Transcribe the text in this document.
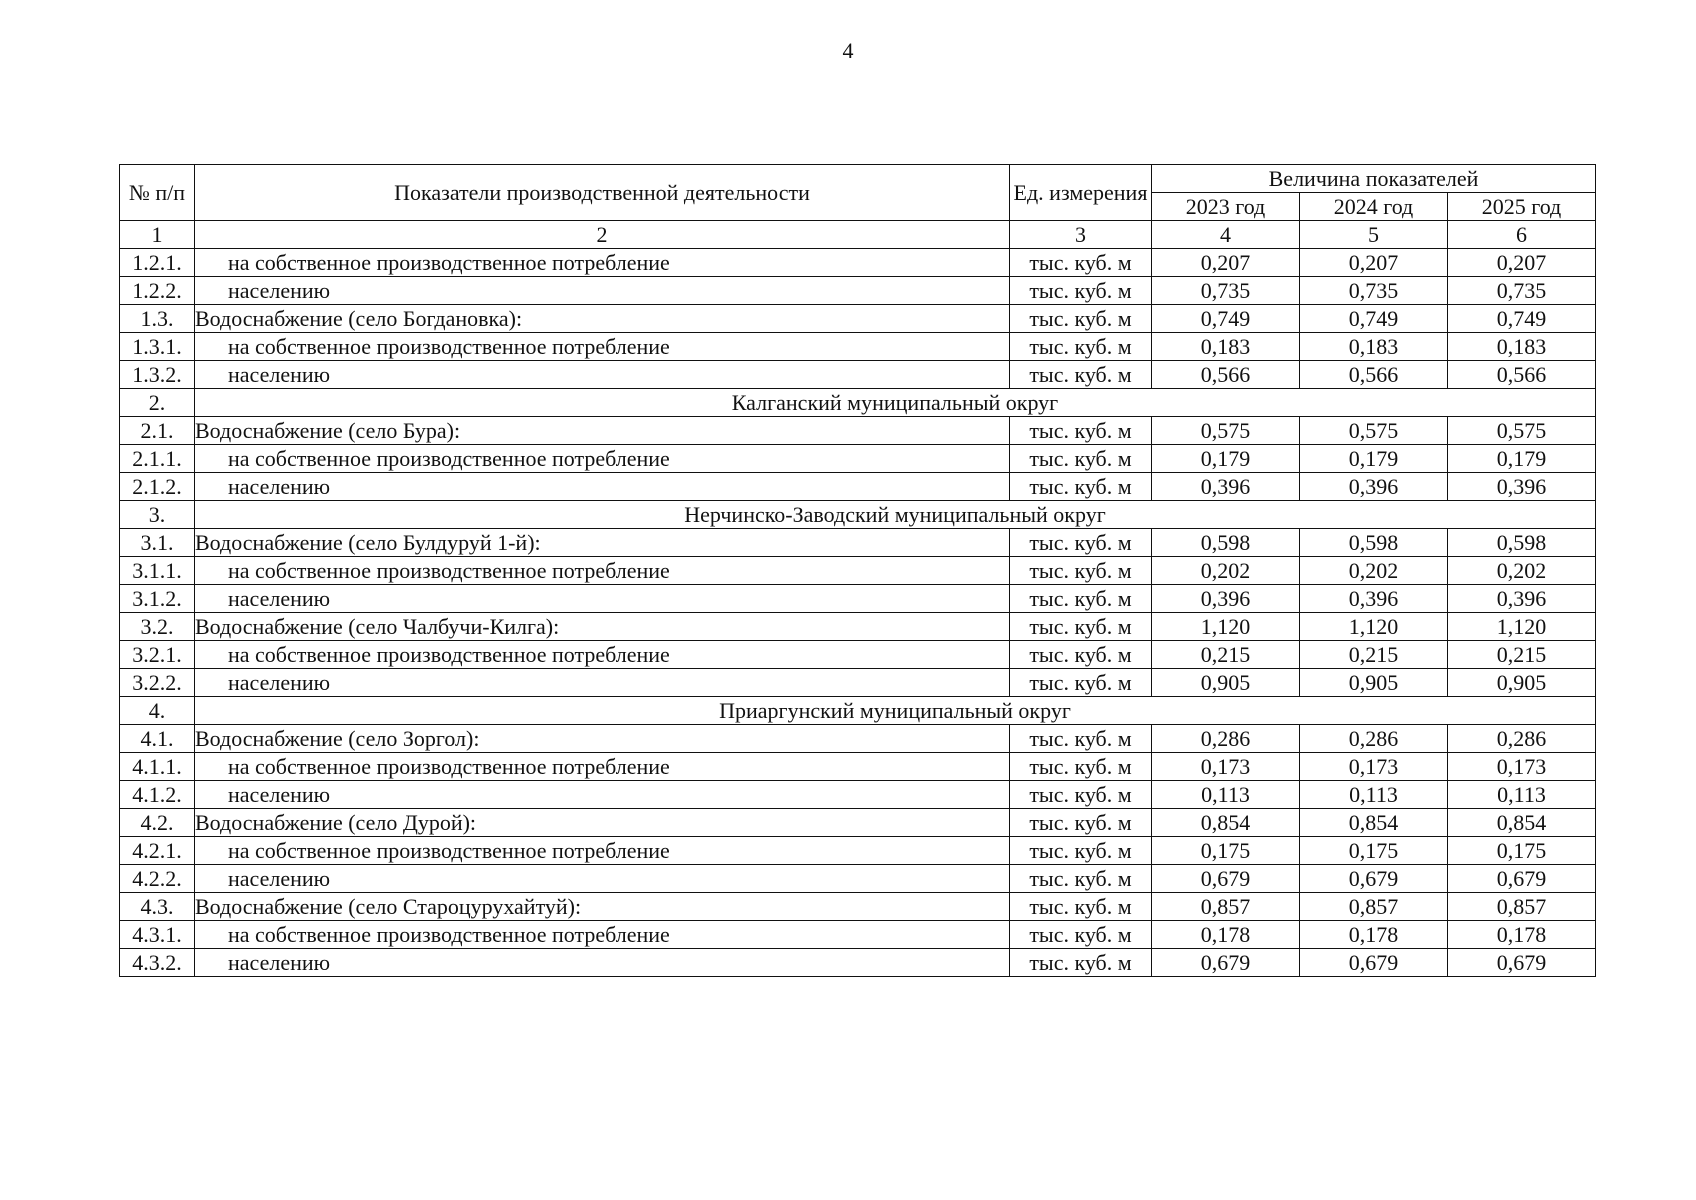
4
№ п/п	Показатели производственной деятельности	Ед. измерения	Величина показателей		
			2023 год	2024 год	2025 год
1	2	3	4	5	6
1.2.1.	на собственное производственное потребление	тыс. куб. м	0,207	0,207	0,207
1.2.2.	населению	тыс. куб. м	0,735	0,735	0,735
1.3.	Водоснабжение (село Богдановка):	тыс. куб. м	0,749	0,749	0,749
1.3.1.	на собственное производственное потребление	тыс. куб. м	0,183	0,183	0,183
1.3.2.	населению	тыс. куб. м	0,566	0,566	0,566
2.	Калганский муниципальный округ				
2.1.	Водоснабжение (село Бура):	тыс. куб. м	0,575	0,575	0,575
2.1.1.	на собственное производственное потребление	тыс. куб. м	0,179	0,179	0,179
2.1.2.	населению	тыс. куб. м	0,396	0,396	0,396
3.	Нерчинско-Заводский муниципальный округ				
3.1.	Водоснабжение (село Булдуруй 1-й):	тыс. куб. м	0,598	0,598	0,598
3.1.1.	на собственное производственное потребление	тыс. куб. м	0,202	0,202	0,202
3.1.2.	населению	тыс. куб. м	0,396	0,396	0,396
3.2.	Водоснабжение (село Чалбучи-Килга):	тыс. куб. м	1,120	1,120	1,120
3.2.1.	на собственное производственное потребление	тыс. куб. м	0,215	0,215	0,215
3.2.2.	населению	тыс. куб. м	0,905	0,905	0,905
4.	Приаргунский муниципальный округ				
4.1.	Водоснабжение (село Зоргол):	тыс. куб. м	0,286	0,286	0,286
4.1.1.	на собственное производственное потребление	тыс. куб. м	0,173	0,173	0,173
4.1.2.	населению	тыс. куб. м	0,113	0,113	0,113
4.2.	Водоснабжение (село Дурой):	тыс. куб. м	0,854	0,854	0,854
4.2.1.	на собственное производственное потребление	тыс. куб. м	0,175	0,175	0,175
4.2.2.	населению	тыс. куб. м	0,679	0,679	0,679
4.3.	Водоснабжение (село Староцурухайтуй):	тыс. куб. м	0,857	0,857	0,857
4.3.1.	на собственное производственное потребление	тыс. куб. м	0,178	0,178	0,178
4.3.2.	населению	тыс. куб. м	0,679	0,679	0,679
